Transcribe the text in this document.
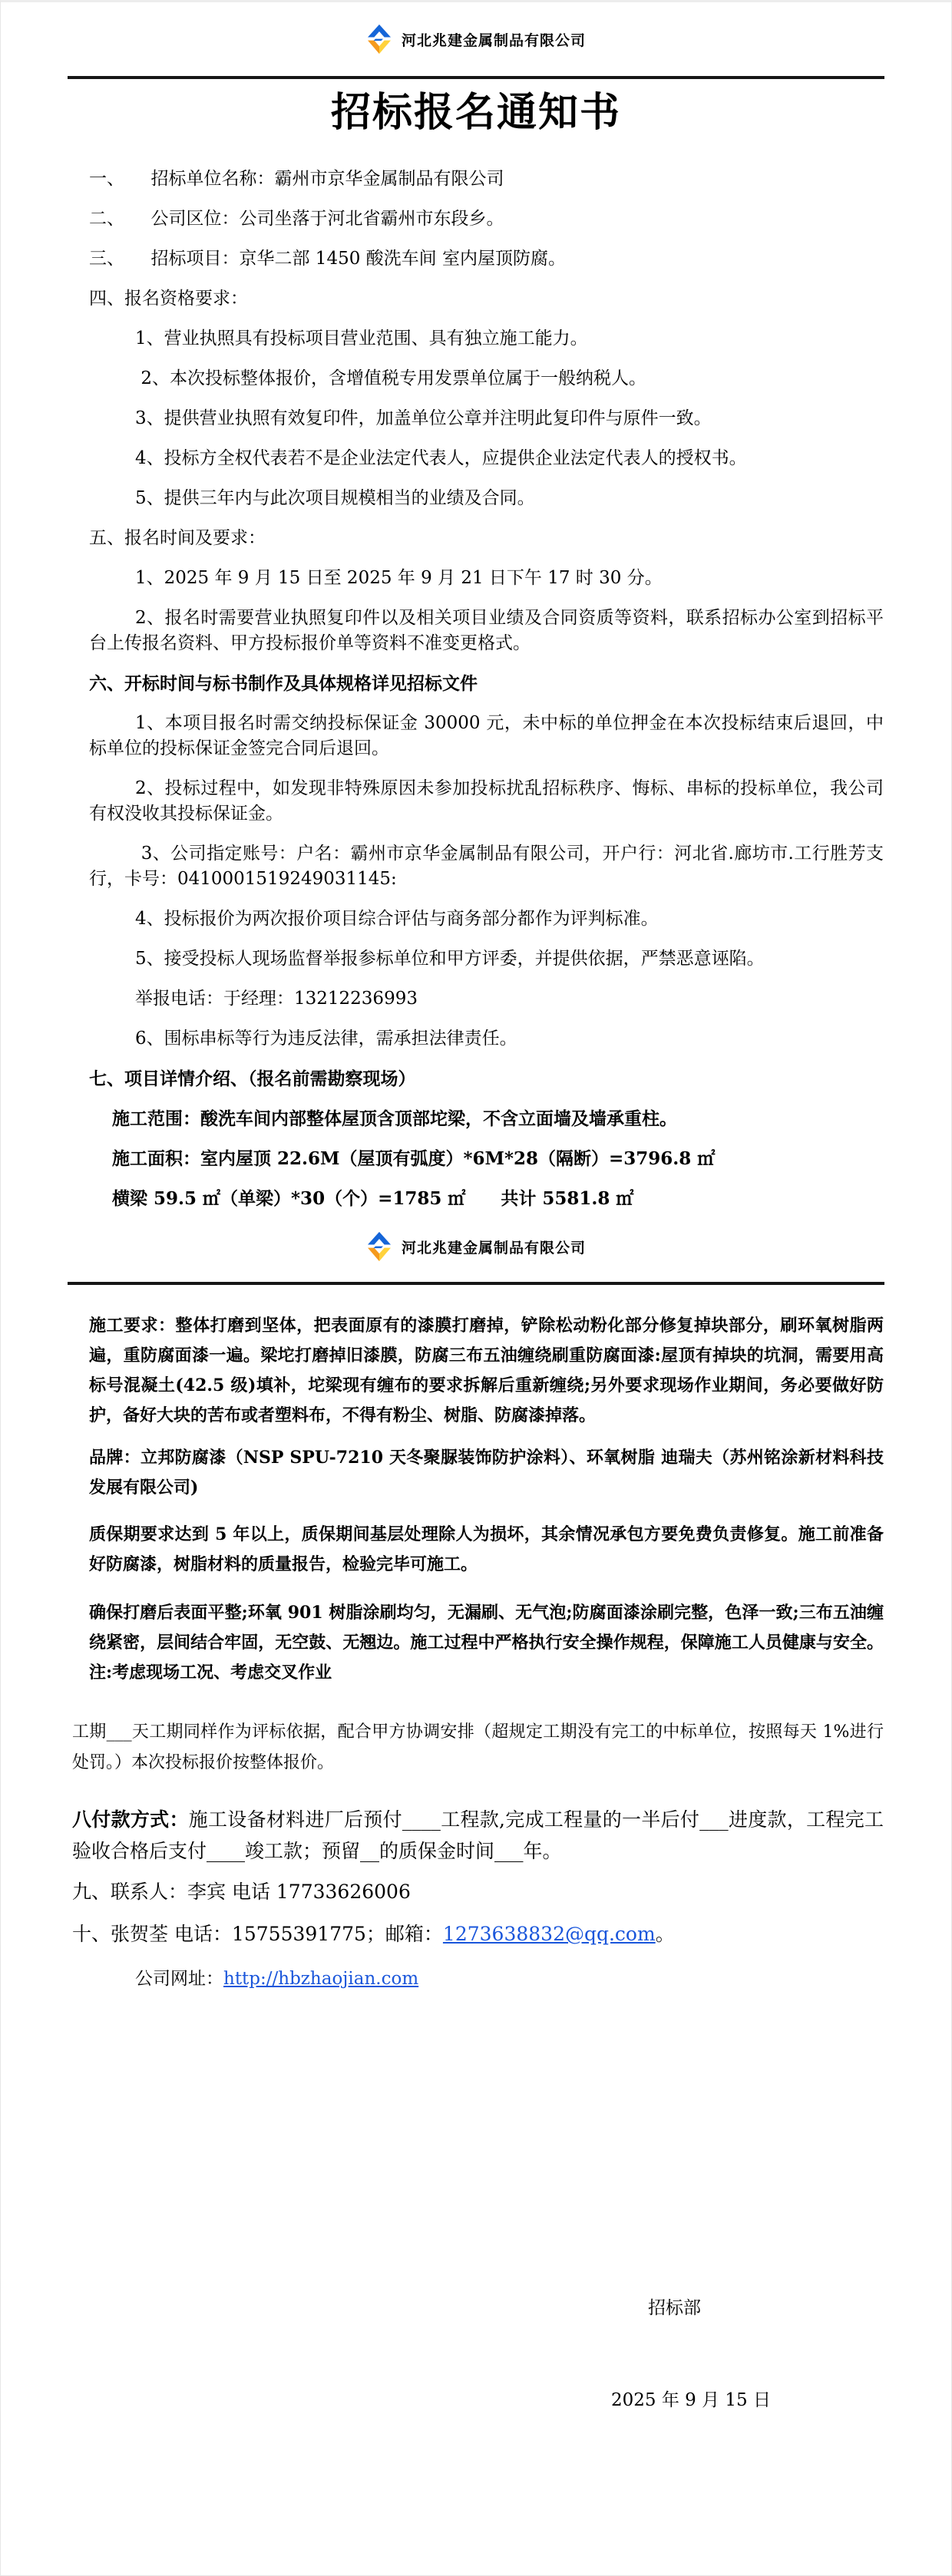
河北兆建金属制品有限公司
招标报名通知书
一、　　招标单位名称：霸州市京华金属制品有限公司
二、　　公司区位：公司坐落于河北省霸州市东段乡。
三、　　招标项目：京华二部 1450 酸洗车间 室内屋顶防腐。
四、报名资格要求：
1、营业执照具有投标项目营业范围、具有独立施工能力。
2、本次投标整体报价，含增值税专用发票单位属于一般纳税人。
3、提供营业执照有效复印件，加盖单位公章并注明此复印件与原件一致。
4、投标方全权代表若不是企业法定代表人，应提供企业法定代表人的授权书。
5、提供三年内与此次项目规模相当的业绩及合同。
五、报名时间及要求：
1、2025 年 9 月 15 日至 2025 年 9 月 21 日下午 17 时 30 分。
2、报名时需要营业执照复印件以及相关项目业绩及合同资质等资料，联系招标办公室到招标平台上传报名资料、甲方投标报价单等资料不准变更格式。
六、开标时间与标书制作及具体规格详见招标文件
1、本项目报名时需交纳投标保证金 30000 元，未中标的单位押金在本次投标结束后退回，中标单位的投标保证金签完合同后退回。
2、投标过程中，如发现非特殊原因未参加投标扰乱招标秩序、悔标、串标的投标单位，我公司有权没收其投标保证金。
3、公司指定账号：户名：霸州市京华金属制品有限公司，开户行：河北省.廊坊市.工行胜芳支行，卡号：0410001519249031145:
4、投标报价为两次报价项目综合评估与商务部分都作为评判标准。
5、接受投标人现场监督举报参标单位和甲方评委，并提供依据，严禁恶意诬陷。
举报电话：于经理：13212236993
6、围标串标等行为违反法律，需承担法律责任。
七、项目详情介绍、（报名前需勘察现场）
施工范围：酸洗车间内部整体屋顶含顶部坨梁，不含立面墙及墙承重柱。
施工面积：室内屋顶 22.6M（屋顶有弧度）*6M*28（隔断）=3796.8 ㎡
横梁 59.5 ㎡（单梁）*30（个）=1785 ㎡　　共计 5581.8 ㎡
河北兆建金属制品有限公司
施工要求：整体打磨到坚体，把表面原有的漆膜打磨掉，铲除松动粉化部分修复掉块部分，刷环氧树脂两遍，重防腐面漆一遍。梁坨打磨掉旧漆膜，防腐三布五油缠绕刷重防腐面漆:屋顶有掉块的坑洞，需要用高标号混凝土(42.5 级)填补，坨梁现有缠布的要求拆解后重新缠绕;另外要求现场作业期间，务必要做好防护，备好大块的苦布或者塑料布，不得有粉尘、树脂、防腐漆掉落。
品牌：立邦防腐漆（NSP SPU-7210 天冬聚脲装饰防护涂料）、环氧树脂 迪瑞夫（苏州铭涂新材料科技发展有限公司)
质保期要求达到 5 年以上，质保期间基层处理除人为损坏，其余情况承包方要免费负责修复。施工前准备好防腐漆，树脂材料的质量报告，检验完毕可施工。
确保打磨后表面平整;环氧 901 树脂涂刷均匀，无漏刷、无气泡;防腐面漆涂刷完整，色泽一致;三布五油缠绕紧密，层间结合牢固，无空鼓、无翘边。施工过程中严格执行安全操作规程，保障施工人员健康与安全。注:考虑现场工况、考虑交叉作业
工期___天工期同样作为评标依据，配合甲方协调安排（超规定工期没有完工的中标单位，按照每天 1%进行处罚。）本次投标报价按整体报价。
八付款方式：施工设备材料进厂后预付____工程款,完成工程量的一半后付___进度款，工程完工验收合格后支付____竣工款；预留__的质保金时间___年。
九、联系人：李宾 电话 17733626006
十、张贺荃 电话：15755391775；邮箱：1273638832@qq.com。
公司网址：http://hbzhaojian.com
招标部
2025 年 9 月 15 日
